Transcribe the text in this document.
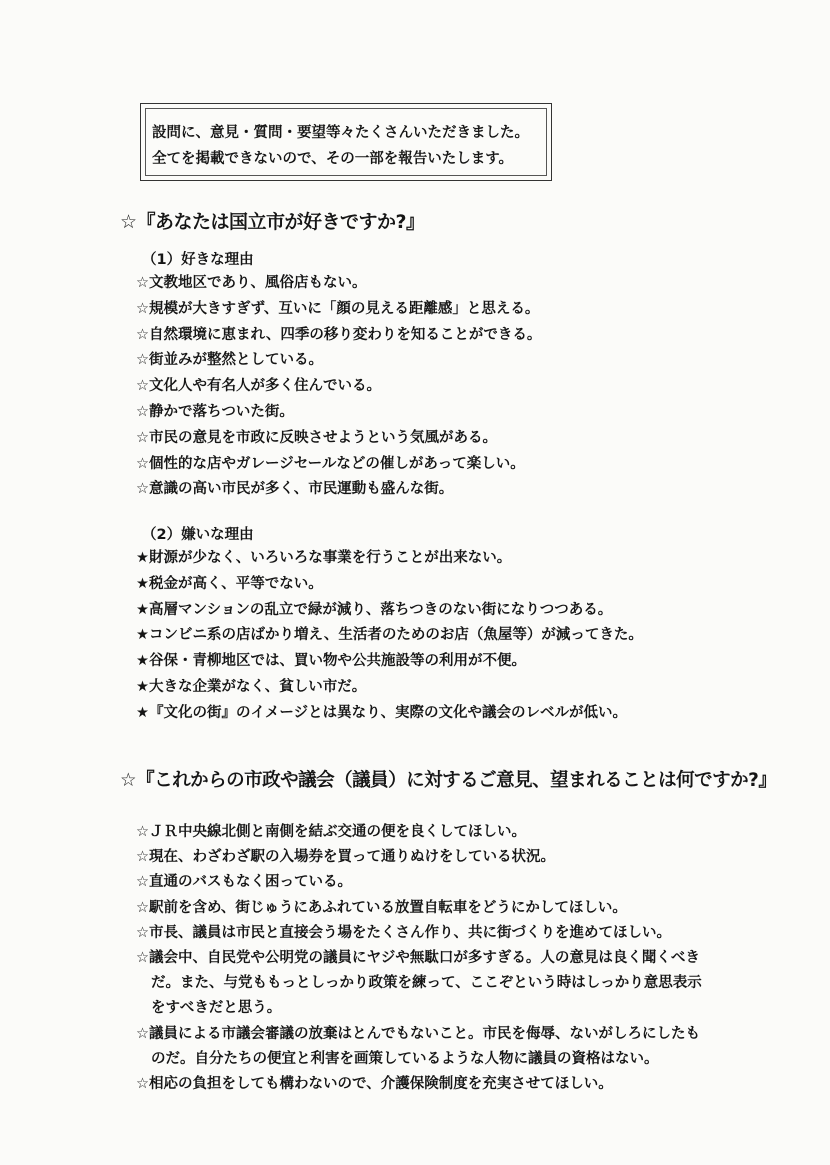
設問に、意見・質問・要望等々たくさんいただきました。
全てを掲載できないので、その一部を報告いたします。
☆『あなたは国立市が好きですか?』
（1）好きな理由
☆文教地区であり、風俗店もない。
☆規模が大きすぎず、互いに「顔の見える距離感」と思える。
☆自然環境に恵まれ、四季の移り変わりを知ることができる。
☆街並みが整然としている。
☆文化人や有名人が多く住んでいる。
☆静かで落ちついた街。
☆市民の意見を市政に反映させようという気風がある。
☆個性的な店やガレージセールなどの催しがあって楽しい。
☆意識の高い市民が多く、市民運動も盛んな街。
（2）嫌いな理由
★財源が少なく、いろいろな事業を行うことが出来ない。
★税金が高く、平等でない。
★高層マンションの乱立で緑が減り、落ちつきのない街になりつつある。
★コンビニ系の店ばかり増え、生活者のためのお店（魚屋等）が減ってきた。
★谷保・青柳地区では、買い物や公共施設等の利用が不便。
★大きな企業がなく、貧しい市だ。
★『文化の街』のイメージとは異なり、実際の文化や議会のレベルが低い。
☆『これからの市政や議会（議員）に対するご意見、望まれることは何ですか?』
☆ＪＲ中央線北側と南側を結ぶ交通の便を良くしてほしい。
☆現在、わざわざ駅の入場券を買って通りぬけをしている状況。
☆直通のバスもなく困っている。
☆駅前を含め、街じゅうにあふれている放置自転車をどうにかしてほしい。
☆市長、議員は市民と直接会う場をたくさん作り、共に街づくりを進めてほしい。
☆議会中、自民党や公明党の議員にヤジや無駄口が多すぎる。人の意見は良く聞くべき
だ。また、与党ももっとしっかり政策を練って、ここぞという時はしっかり意思表示
をすべきだと思う。
☆議員による市議会審議の放棄はとんでもないこと。市民を侮辱、ないがしろにしたも
のだ。自分たちの便宜と利害を画策しているような人物に議員の資格はない。
☆相応の負担をしても構わないので、介護保険制度を充実させてほしい。
